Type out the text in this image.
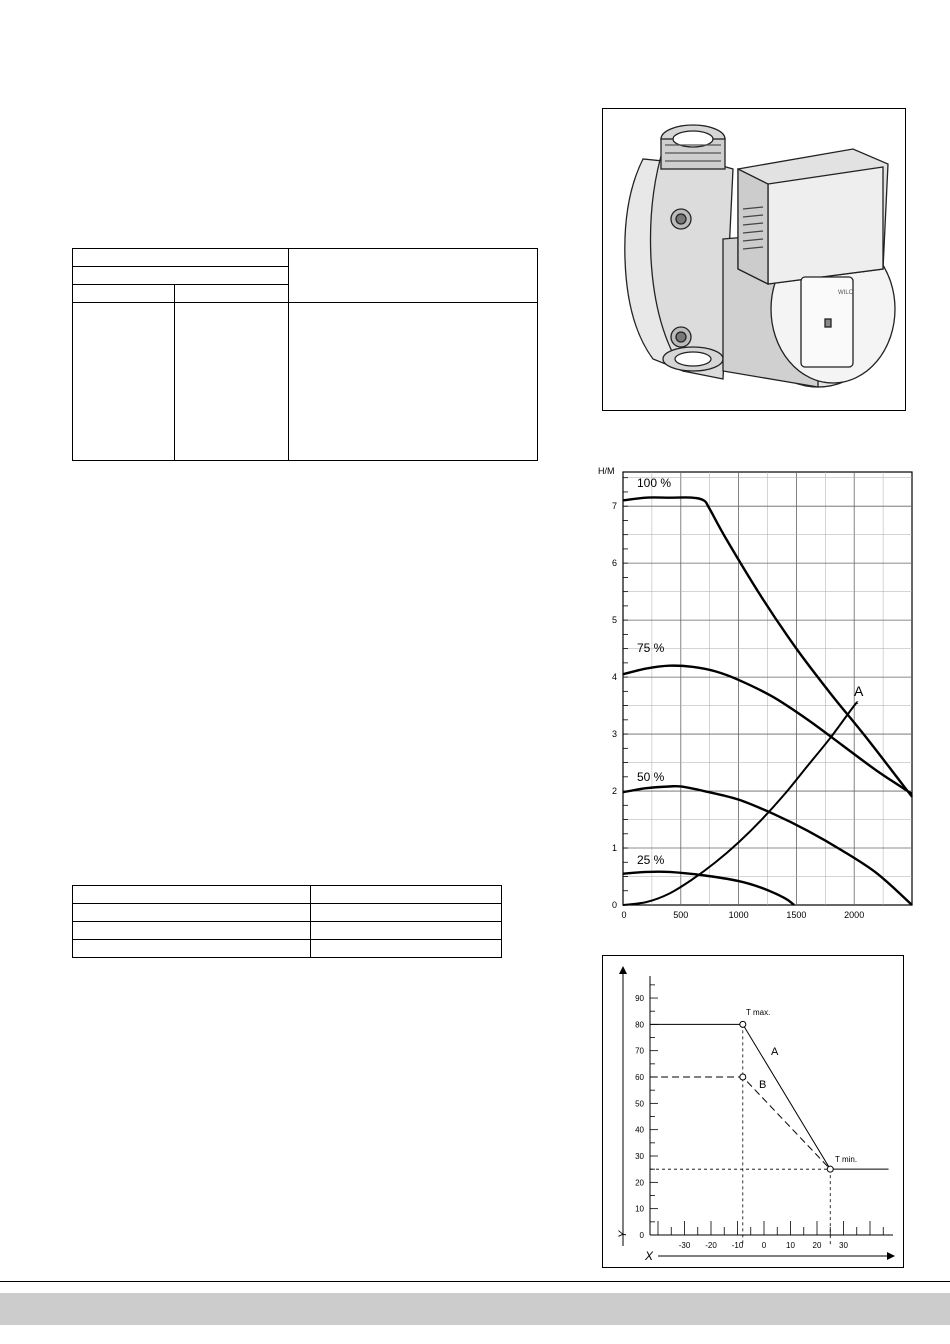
WILO
H/M
0
1
2
3
4
5
6
7
0	500	1000	1500	2000
100 %
75 %
50 %
25 %
A
0
10
20
30
40
50
60
70
80
90
-30 -20 -10 0 10 20 30
T max.
T min.
A
B
X
Y
